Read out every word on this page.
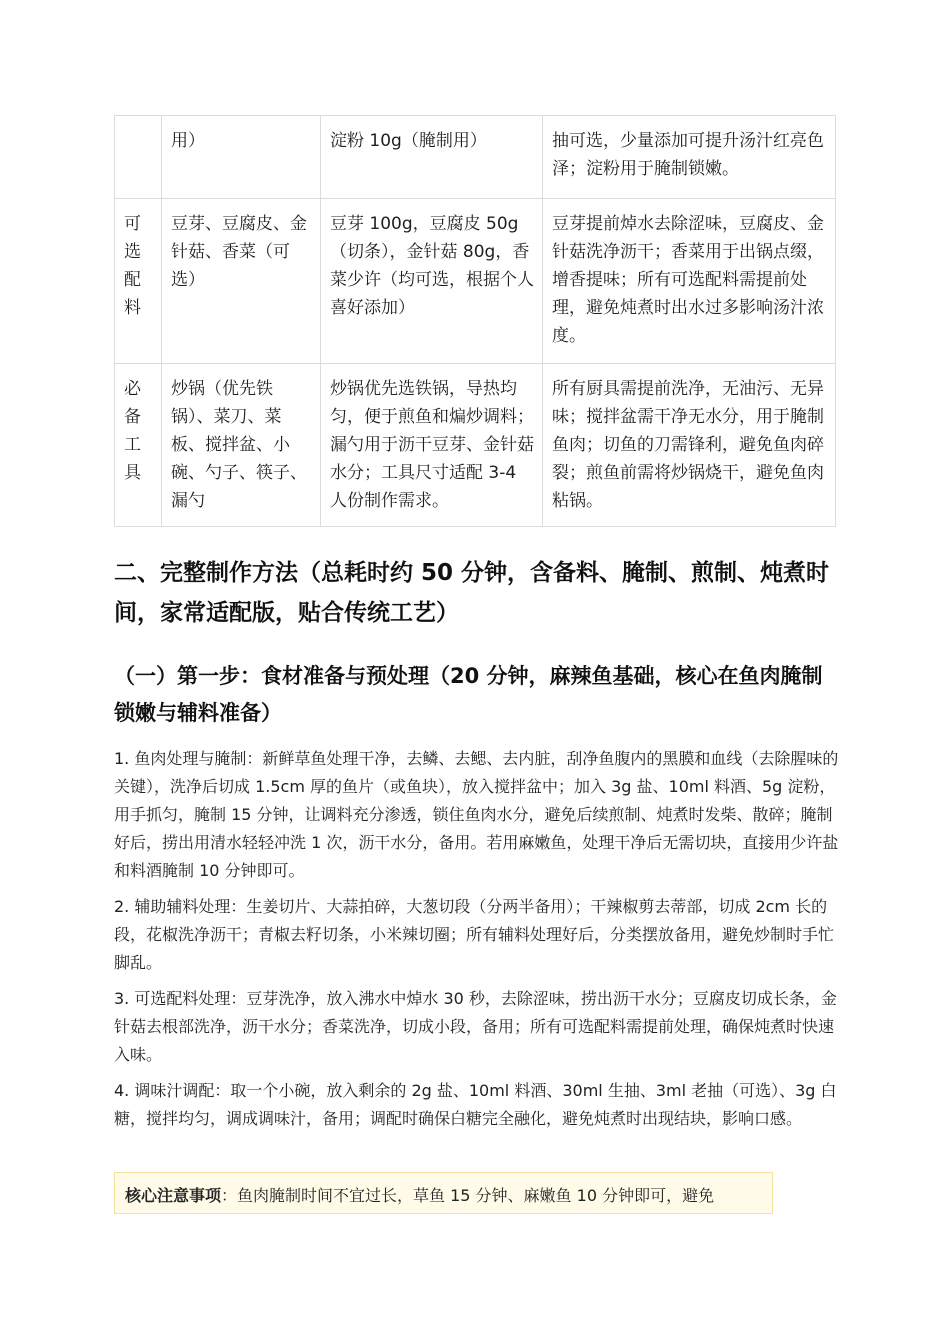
	用）	淀粉 10g（腌制用）	抽可选，少量添加可提升汤汁红亮色泽；淀粉用于腌制锁嫩。
可选配料	豆芽、豆腐皮、金针菇、香菜（可选）	豆芽 100g，豆腐皮 50g（切条），金针菇 80g，香菜少许（均可选，根据个人喜好添加）	豆芽提前焯水去除涩味，豆腐皮、金针菇洗净沥干；香菜用于出锅点缀，增香提味；所有可选配料需提前处理，避免炖煮时出水过多影响汤汁浓度。
必备工具	炒锅（优先铁锅）、菜刀、菜板、搅拌盆、小碗、勺子、筷子、漏勺	炒锅优先选铁锅，导热均匀，便于煎鱼和煸炒调料；漏勺用于沥干豆芽、金针菇水分；工具尺寸适配 3-4 人份制作需求。	所有厨具需提前洗净，无油污、无异味；搅拌盆需干净无水分，用于腌制鱼肉；切鱼的刀需锋利，避免鱼肉碎裂；煎鱼前需将炒锅烧干，避免鱼肉粘锅。
二、完整制作方法（总耗时约 50 分钟，含备料、腌制、煎制、炖煮时间，家常适配版，贴合传统工艺）
（一）第一步：食材准备与预处理（20 分钟，麻辣鱼基础，核心在鱼肉腌制锁嫩与辅料准备）

1. 鱼肉处理与腌制：新鲜草鱼处理干净，去鳞、去鳃、去内脏，刮净鱼腹内的黑膜和血线（去除腥味的关键），洗净后切成 1.5cm 厚的鱼片（或鱼块），放入搅拌盆中；加入 3g 盐、10ml 料酒、5g 淀粉，用手抓匀，腌制 15 分钟，让调料充分渗透，锁住鱼肉水分，避免后续煎制、炖煮时发柴、散碎；腌制好后，捞出用清水轻轻冲洗 1 次，沥干水分，备用。若用麻嫩鱼，处理干净后无需切块，直接用少许盐和料酒腌制 10 分钟即可。

2. 辅助辅料处理：生姜切片、大蒜拍碎，大葱切段（分两半备用）；干辣椒剪去蒂部，切成 2cm 长的段，花椒洗净沥干；青椒去籽切条，小米辣切圈；所有辅料处理好后，分类摆放备用，避免炒制时手忙脚乱。

3. 可选配料处理：豆芽洗净，放入沸水中焯水 30 秒，去除涩味，捞出沥干水分；豆腐皮切成长条，金针菇去根部洗净，沥干水分；香菜洗净，切成小段，备用；所有可选配料需提前处理，确保炖煮时快速入味。

4. 调味汁调配：取一个小碗，放入剩余的 2g 盐、10ml 料酒、30ml 生抽、3ml 老抽（可选）、3g 白糖，搅拌均匀，调成调味汁，备用；调配时确保白糖完全融化，避免炖煮时出现结块，影响口感。

核心注意事项：鱼肉腌制时间不宜过长，草鱼 15 分钟、麻嫩鱼 10 分钟即可，避免
